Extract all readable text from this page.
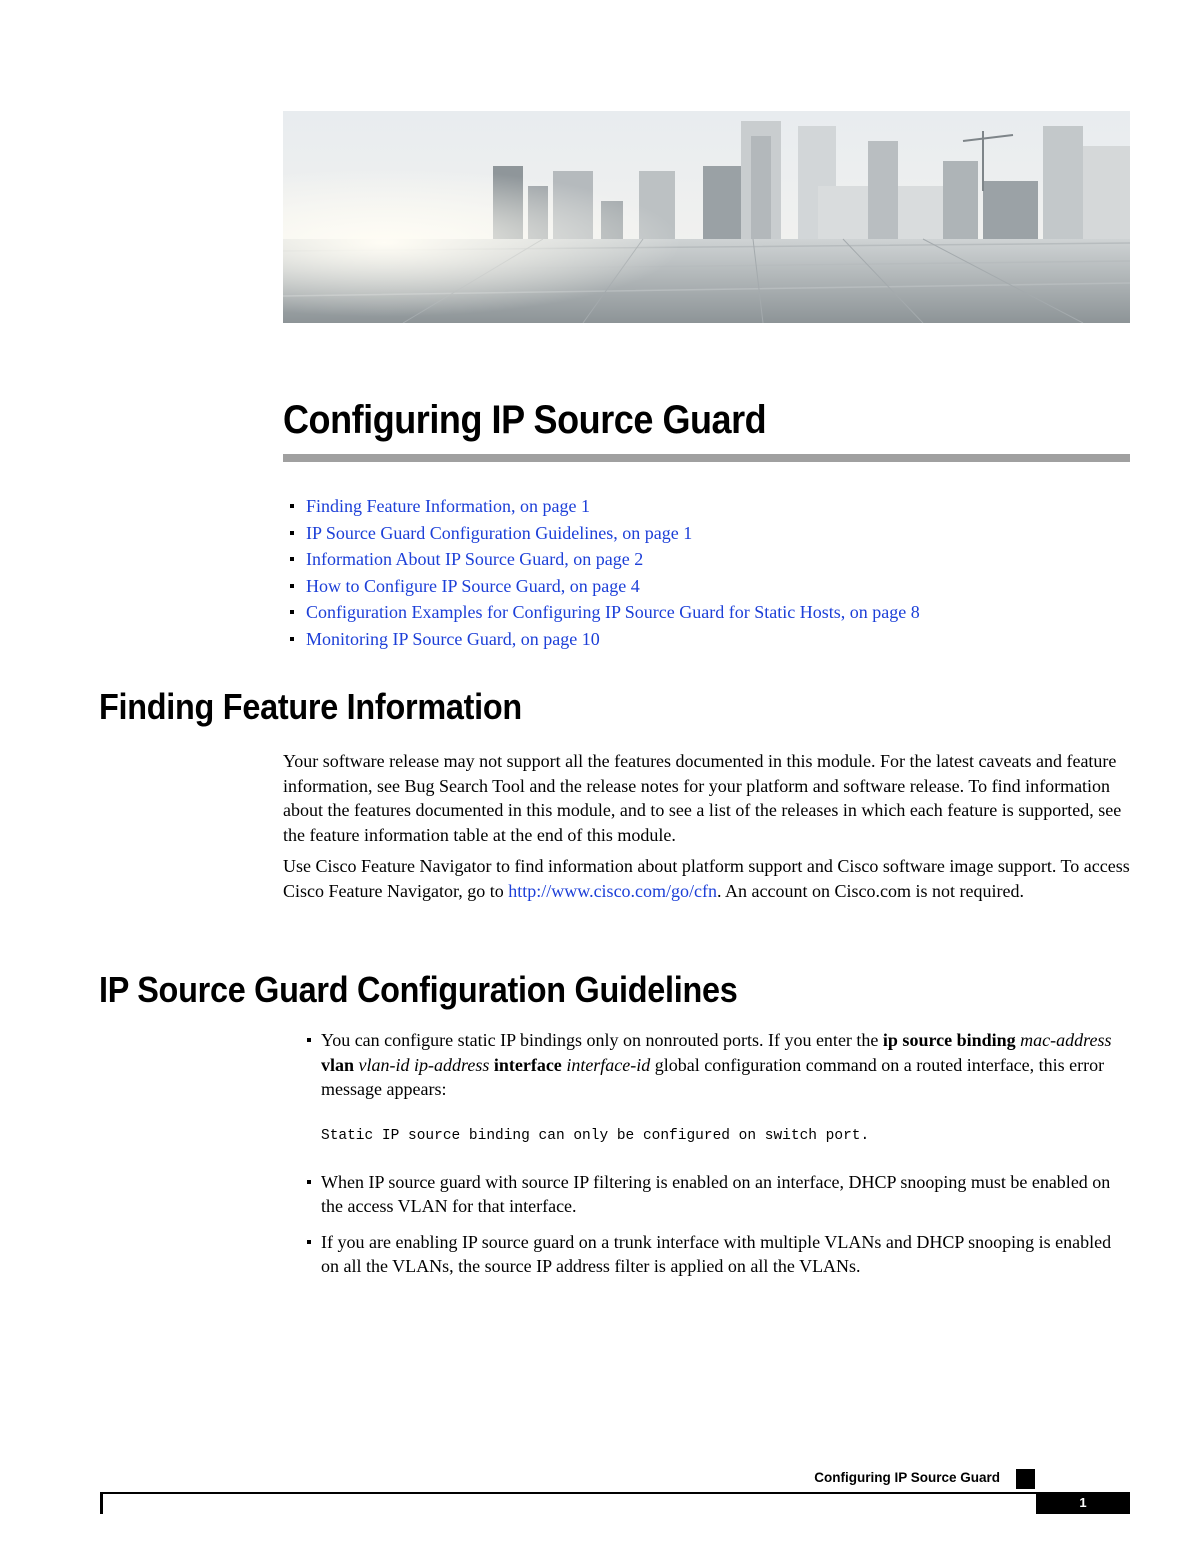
Configuring IP Source Guard
Finding Feature Information, on page 1
IP Source Guard Configuration Guidelines, on page 1
Information About IP Source Guard, on page 2
How to Configure IP Source Guard, on page 4
Configuration Examples for Configuring IP Source Guard for Static Hosts, on page 8
Monitoring IP Source Guard, on page 10
Finding Feature Information

Your software release may not support all the features documented in this module. For the latest caveats and feature information, see Bug Search Tool and the release notes for your platform and software release. To find information about the features documented in this module, and to see a list of the releases in which each feature is supported, see the feature information table at the end of this module.

Use Cisco Feature Navigator to find information about platform support and Cisco software image support. To access Cisco Feature Navigator, go to http://www.cisco.com/go/cfn. An account on Cisco.com is not required.

IP Source Guard Configuration Guidelines
You can configure static IP bindings only on nonrouted ports. If you enter the ip source binding mac-address vlan vlan-id ip-address interface interface-id global configuration command on a routed interface, this error message appears:
Static IP source binding can only be configured on switch port.
When IP source guard with source IP filtering is enabled on an interface, DHCP snooping must be enabled on the access VLAN for that interface.
If you are enabling IP source guard on a trunk interface with multiple VLANs and DHCP snooping is enabled on all the VLANs, the source IP address filter is applied on all the VLANs.
Configuring IP Source Guard
1
